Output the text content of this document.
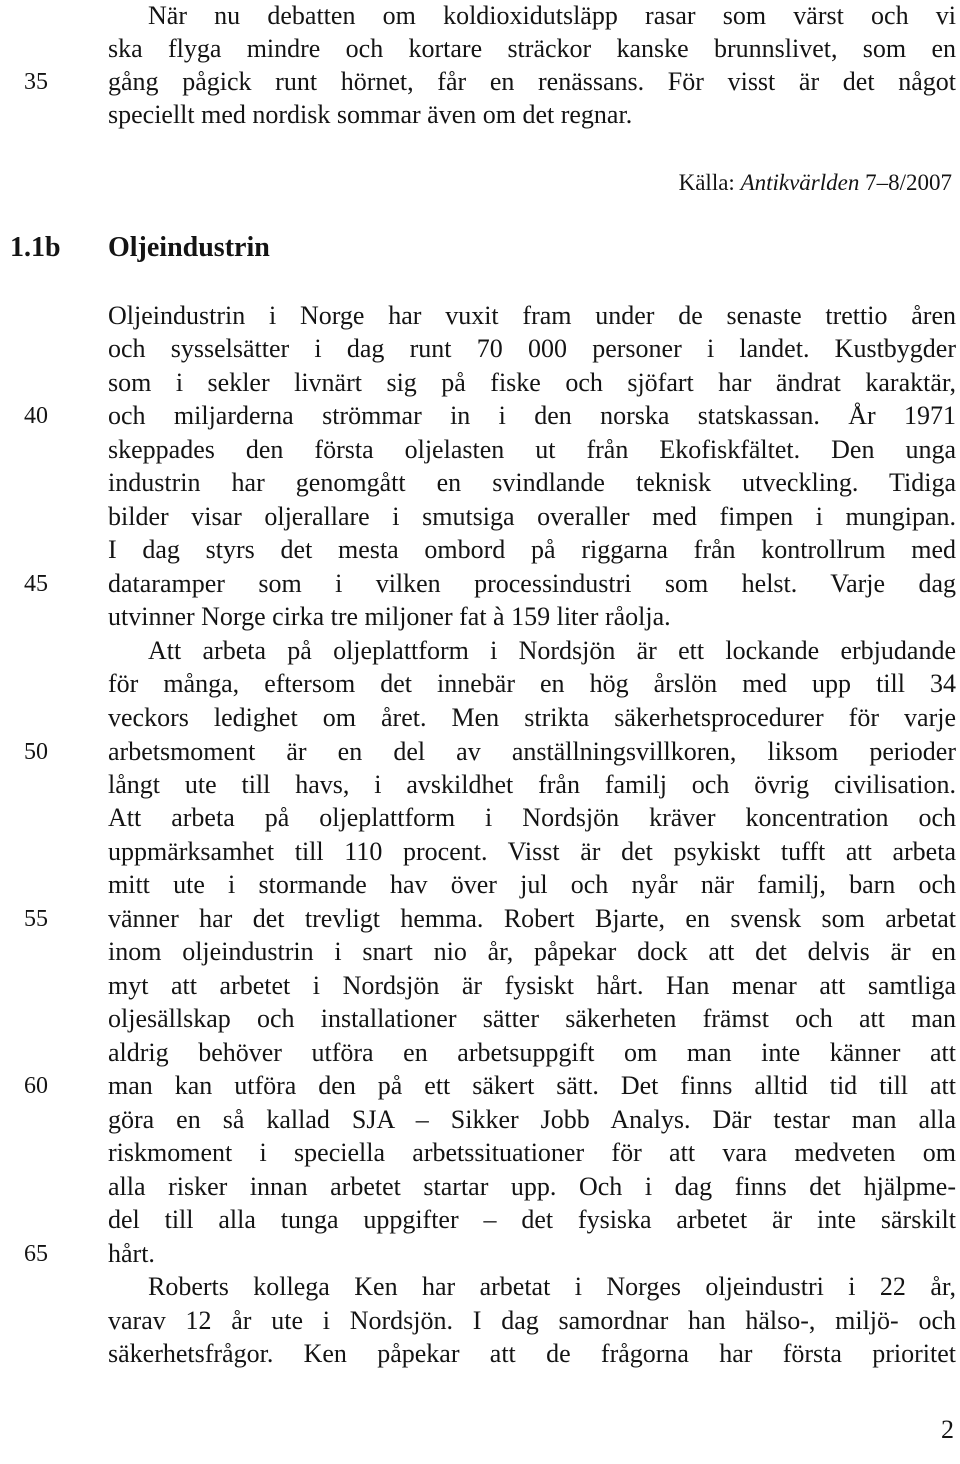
35
40
45
50
55
60
65
När nu debatten om koldioxidutsläpp rasar som värst och vi
ska flyga mindre och kortare sträckor kanske brunnslivet, som en
gång pågick runt hörnet, får en renässans. För visst är det något
speciellt med nordisk sommar även om det regnar.
Källa: Antikvärlden 7–8/2007
1.1b Oljeindustrin
Oljeindustrin i Norge har vuxit fram under de senaste trettio åren
och sysselsätter i dag runt 70 000 personer i landet. Kustbygder
som i sekler livnärt sig på fiske och sjöfart har ändrat karaktär,
och miljarderna strömmar in i den norska statskassan. År 1971
skeppades den första oljelasten ut från Ekofiskfältet. Den unga
industrin har genomgått en svindlande teknisk utveckling. Tidiga
bilder visar oljerallare i smutsiga overaller med fimpen i mungipan.
I dag styrs det mesta ombord på riggarna från kontrollrum med
dataramper som i vilken processindustri som helst. Varje dag
utvinner Norge cirka tre miljoner fat à 159 liter råolja.
Att arbeta på oljeplattform i Nordsjön är ett lockande erbjudande
för många, eftersom det innebär en hög årslön med upp till 34
veckors ledighet om året. Men strikta säkerhetsprocedurer för varje
arbetsmoment är en del av anställningsvillkoren, liksom perioder
långt ute till havs, i avskildhet från familj och övrig civilisation.
Att arbeta på oljeplattform i Nordsjön kräver koncentration och
uppmärksamhet till 110 procent. Visst är det psykiskt tufft att arbeta
mitt ute i stormande hav över jul och nyår när familj, barn och
vänner har det trevligt hemma. Robert Bjarte, en svensk som arbetat
inom oljeindustrin i snart nio år, påpekar dock att det delvis är en
myt att arbetet i Nordsjön är fysiskt hårt. Han menar att samtliga
oljesällskap och installationer sätter säkerheten främst och att man
aldrig behöver utföra en arbetsuppgift om man inte känner att
man kan utföra den på ett säkert sätt. Det finns alltid tid till att
göra en så kallad SJA – Sikker Jobb Analys. Där testar man alla
riskmoment i speciella arbetssituationer för att vara medveten om
alla risker innan arbetet startar upp. Och i dag finns det hjälpme-
del till alla tunga uppgifter – det fysiska arbetet är inte särskilt
hårt.
Roberts kollega Ken har arbetat i Norges oljeindustri i 22 år,
varav 12 år ute i Nordsjön. I dag samordnar han hälso-, miljö- och
säkerhetsfrågor. Ken påpekar att de frågorna har första prioritet
2
